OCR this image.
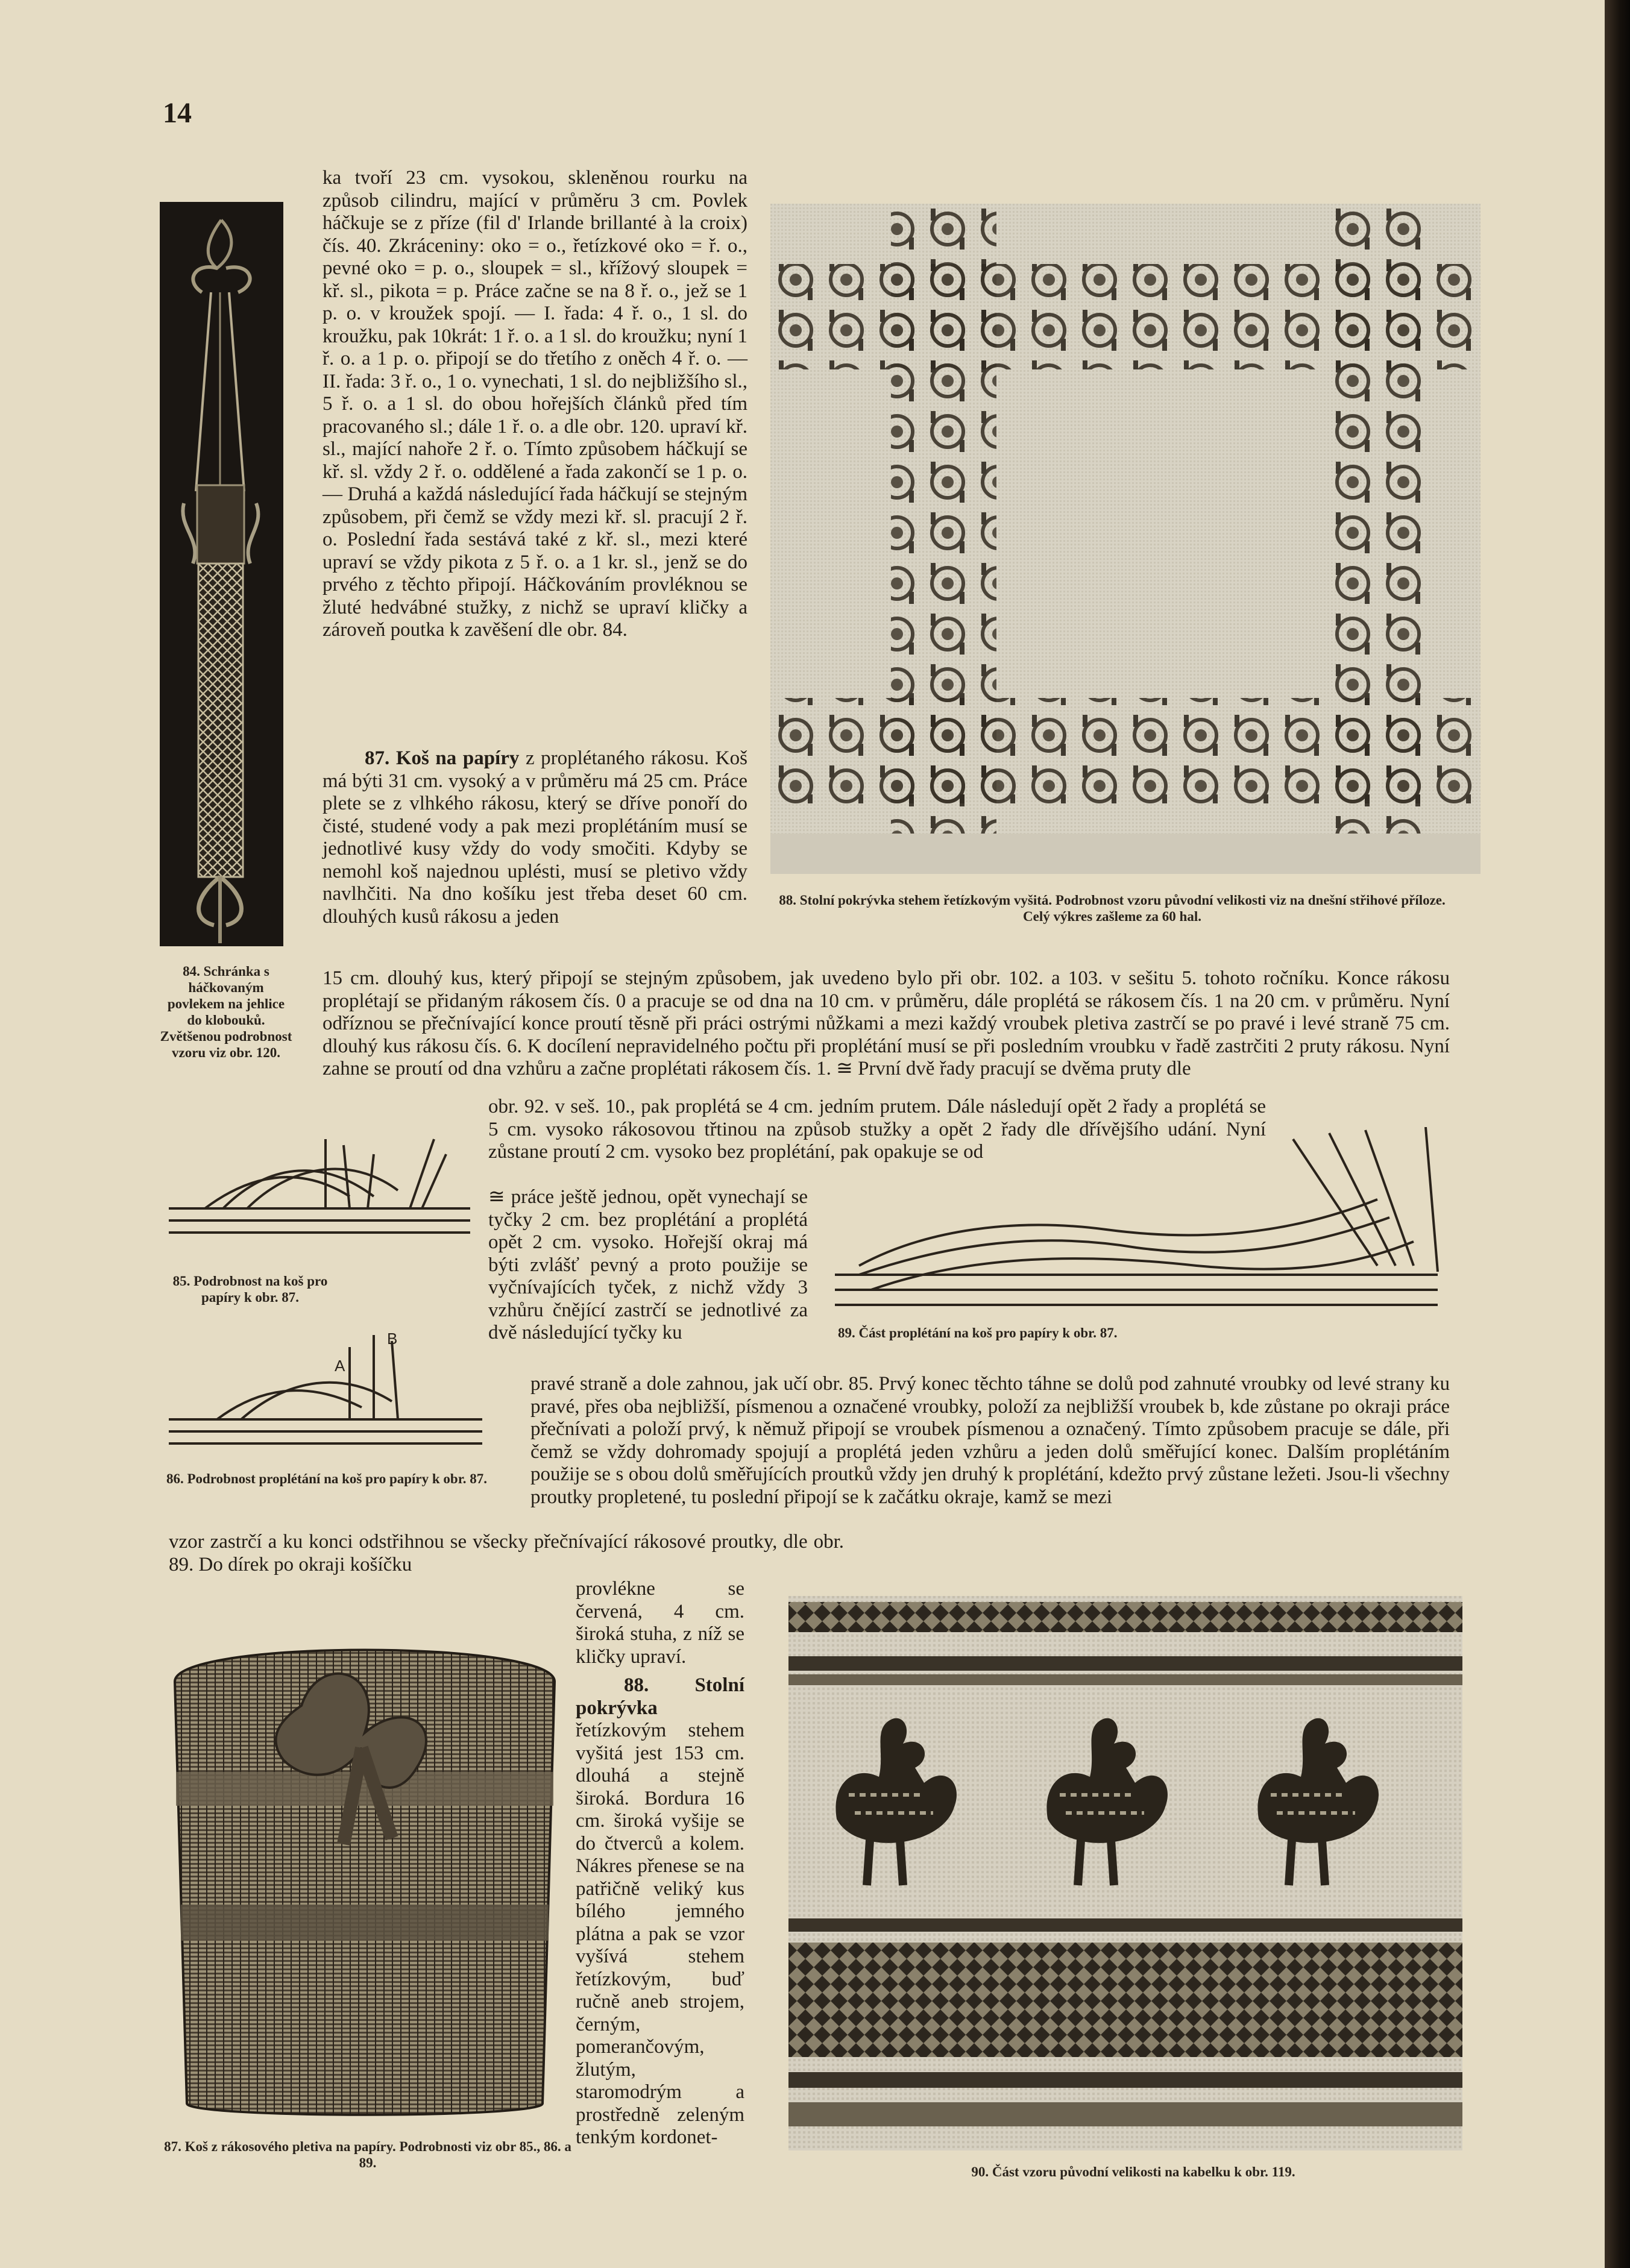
14
84. Schránka s háčkovaným povlekem na jehlice do klobouků. Zvětšenou podrobnost vzoru viz obr. 120.
88. Stolní pokrývka stehem řetízkovým vyšitá. Podrobnost vzoru původní velikosti viz na dnešní střihové příloze. Celý výkres zašleme za 60 hal.

ka tvoří 23 cm. vysokou, skleněnou rourku na způsob cilindru, mající v průměru 3 cm. Povlek háčkuje se z příze (fil d' Irlande brillanté à la croix) čís. 40. Zkráceniny: oko = o., řetízkové oko = ř. o., pevné oko = p. o., sloupek = sl., křížový sloupek = kř. sl., pikota = p. Práce začne se na 8 ř. o., jež se 1 p. o. v kroužek spojí. — I. řada: 4 ř. o., 1 sl. do kroužku, pak 10krát: 1 ř. o. a 1 sl. do kroužku; nyní 1 ř. o. a 1 p. o. připojí se do třetího z oněch 4 ř. o. — II. řada: 3 ř. o., 1 o. vynechati, 1 sl. do nejbližšího sl., 5 ř. o. a 1 sl. do obou hořejších článků před tím pracovaného sl.; dále 1 ř. o. a dle obr. 120. upraví kř. sl., mající nahoře 2 ř. o. Tímto způsobem háčkují se kř. sl. vždy 2 ř. o. oddělené a řada zakončí se 1 p. o. — Druhá a každá následující řada háčkují se stejným způsobem, při čemž se vždy mezi kř. sl. pracují 2 ř. o. Poslední řada sestává také z kř. sl., mezi které upraví se vždy pikota z 5 ř. o. a 1 kr. sl., jenž se do prvého z těchto připojí. Háčkováním provléknou se žluté hedvábné stužky, z nichž se upraví kličky a zároveň poutka k zavěšení dle obr. 84.

87. Koš na papíry z proplétaného rákosu. Koš má býti 31 cm. vysoký a v průměru má 25 cm. Práce plete se z vlhkého rákosu, který se dříve ponoří do čisté, studené vody a pak mezi proplétáním musí se jednotlivé kusy vždy do vody smočiti. Kdyby se nemohl koš najednou uplésti, musí se pletivo vždy navlhčiti. Na dno košíku jest třeba deset 60 cm. dlouhých kusů rákosu a jeden

15 cm. dlouhý kus, který připojí se stejným způsobem, jak uvedeno bylo při obr. 102. a 103. v sešitu 5. tohoto ročníku. Konce rákosu proplétají se přidaným rákosem čís. 0 a pracuje se od dna na 10 cm. v průměru, dále proplétá se rákosem čís. 1 na 20 cm. v průměru. Nyní odříznou se přečnívající konce proutí těsně při práci ostrými nůžkami a mezi každý vroubek pletiva zastrčí se po pravé i levé straně 75 cm. dlouhý kus rákosu čís. 6. K docílení nepravidelného počtu při proplétání musí se při posledním vroubku v řadě zastrčiti 2 pruty rákosu. Nyní zahne se proutí od dna vzhůru a začne proplétati rákosem čís. 1. ≅ První dvě řady pracují se dvěma pruty dle
85. Podrobnost na koš pro papíry k obr. 87.
A
B
86. Podrobnost proplétání na koš pro papíry k obr. 87.
obr. 92. v seš. 10., pak proplétá se 4 cm. jedním prutem. Dále následují opět 2 řady a proplétá se 5 cm. vysoko rákosovou třtinou na způsob stužky a opět 2 řady dle dřívějšího udání. Nyní zůstane proutí 2 cm. vysoko bez proplétání, pak opakuje se od
≅ práce ještě jednou, opět vynechají se tyčky 2 cm. bez proplétání a proplétá opět 2 cm. vysoko. Hořejší okraj má býti zvlášť pevný a proto použije se vyčnívajících tyček, z nichž vždy 3 vzhůru čnějící zastrčí se jednotlivé za dvě následující tyčky ku	89. Část proplétání na koš pro papíry k obr. 87.
pravé straně a dole zahnou, jak učí obr. 85. Prvý konec těchto táhne se dolů pod zahnuté vroubky od levé strany ku pravé, přes oba nejbližší, písmenou a označené vroubky, položí za nejbližší vroubek b, kde zůstane po okraji práce přečnívati a položí prvý, k němuž připojí se vroubek písmenou a označený. Tímto způsobem pracuje se dále, při čemž se vždy dohromady spojují a proplétá jeden vzhůru a jeden dolů směřující konec. Dalším proplétáním použije se s obou dolů směřujících proutků vždy jen druhý k proplétání, kdežto prvý zůstane ležeti. Jsou-li všechny proutky propletené, tu poslední připojí se k začátku okraje, kamž se mezi
vzor zastrčí a ku konci odstřihnou se všecky přečnívající rákosové proutky, dle obr. 89. Do dírek po okraji košíčku
87. Koš z rákosového pletiva na papíry. Podrobnosti viz obr 85., 86. a 89.
provlékne se červená, 4 cm. široká stuha, z níž se kličky upraví.

88. Stolní pokrývka řetízkovým stehem vyšitá jest 153 cm. dlouhá a stejně široká. Bordura 16 cm. široká vyšije se do čtverců a kolem. Nákres přenese se na patřičně veliký kus bílého jemného plátna a pak se vzor vyšívá stehem řetízkovým, buď ručně aneb strojem, černým, pomerančovým, žlutým, staromodrým a prostředně zeleným tenkým kordonet-

90. Část vzoru původní velikosti na kabelku k obr. 119.
